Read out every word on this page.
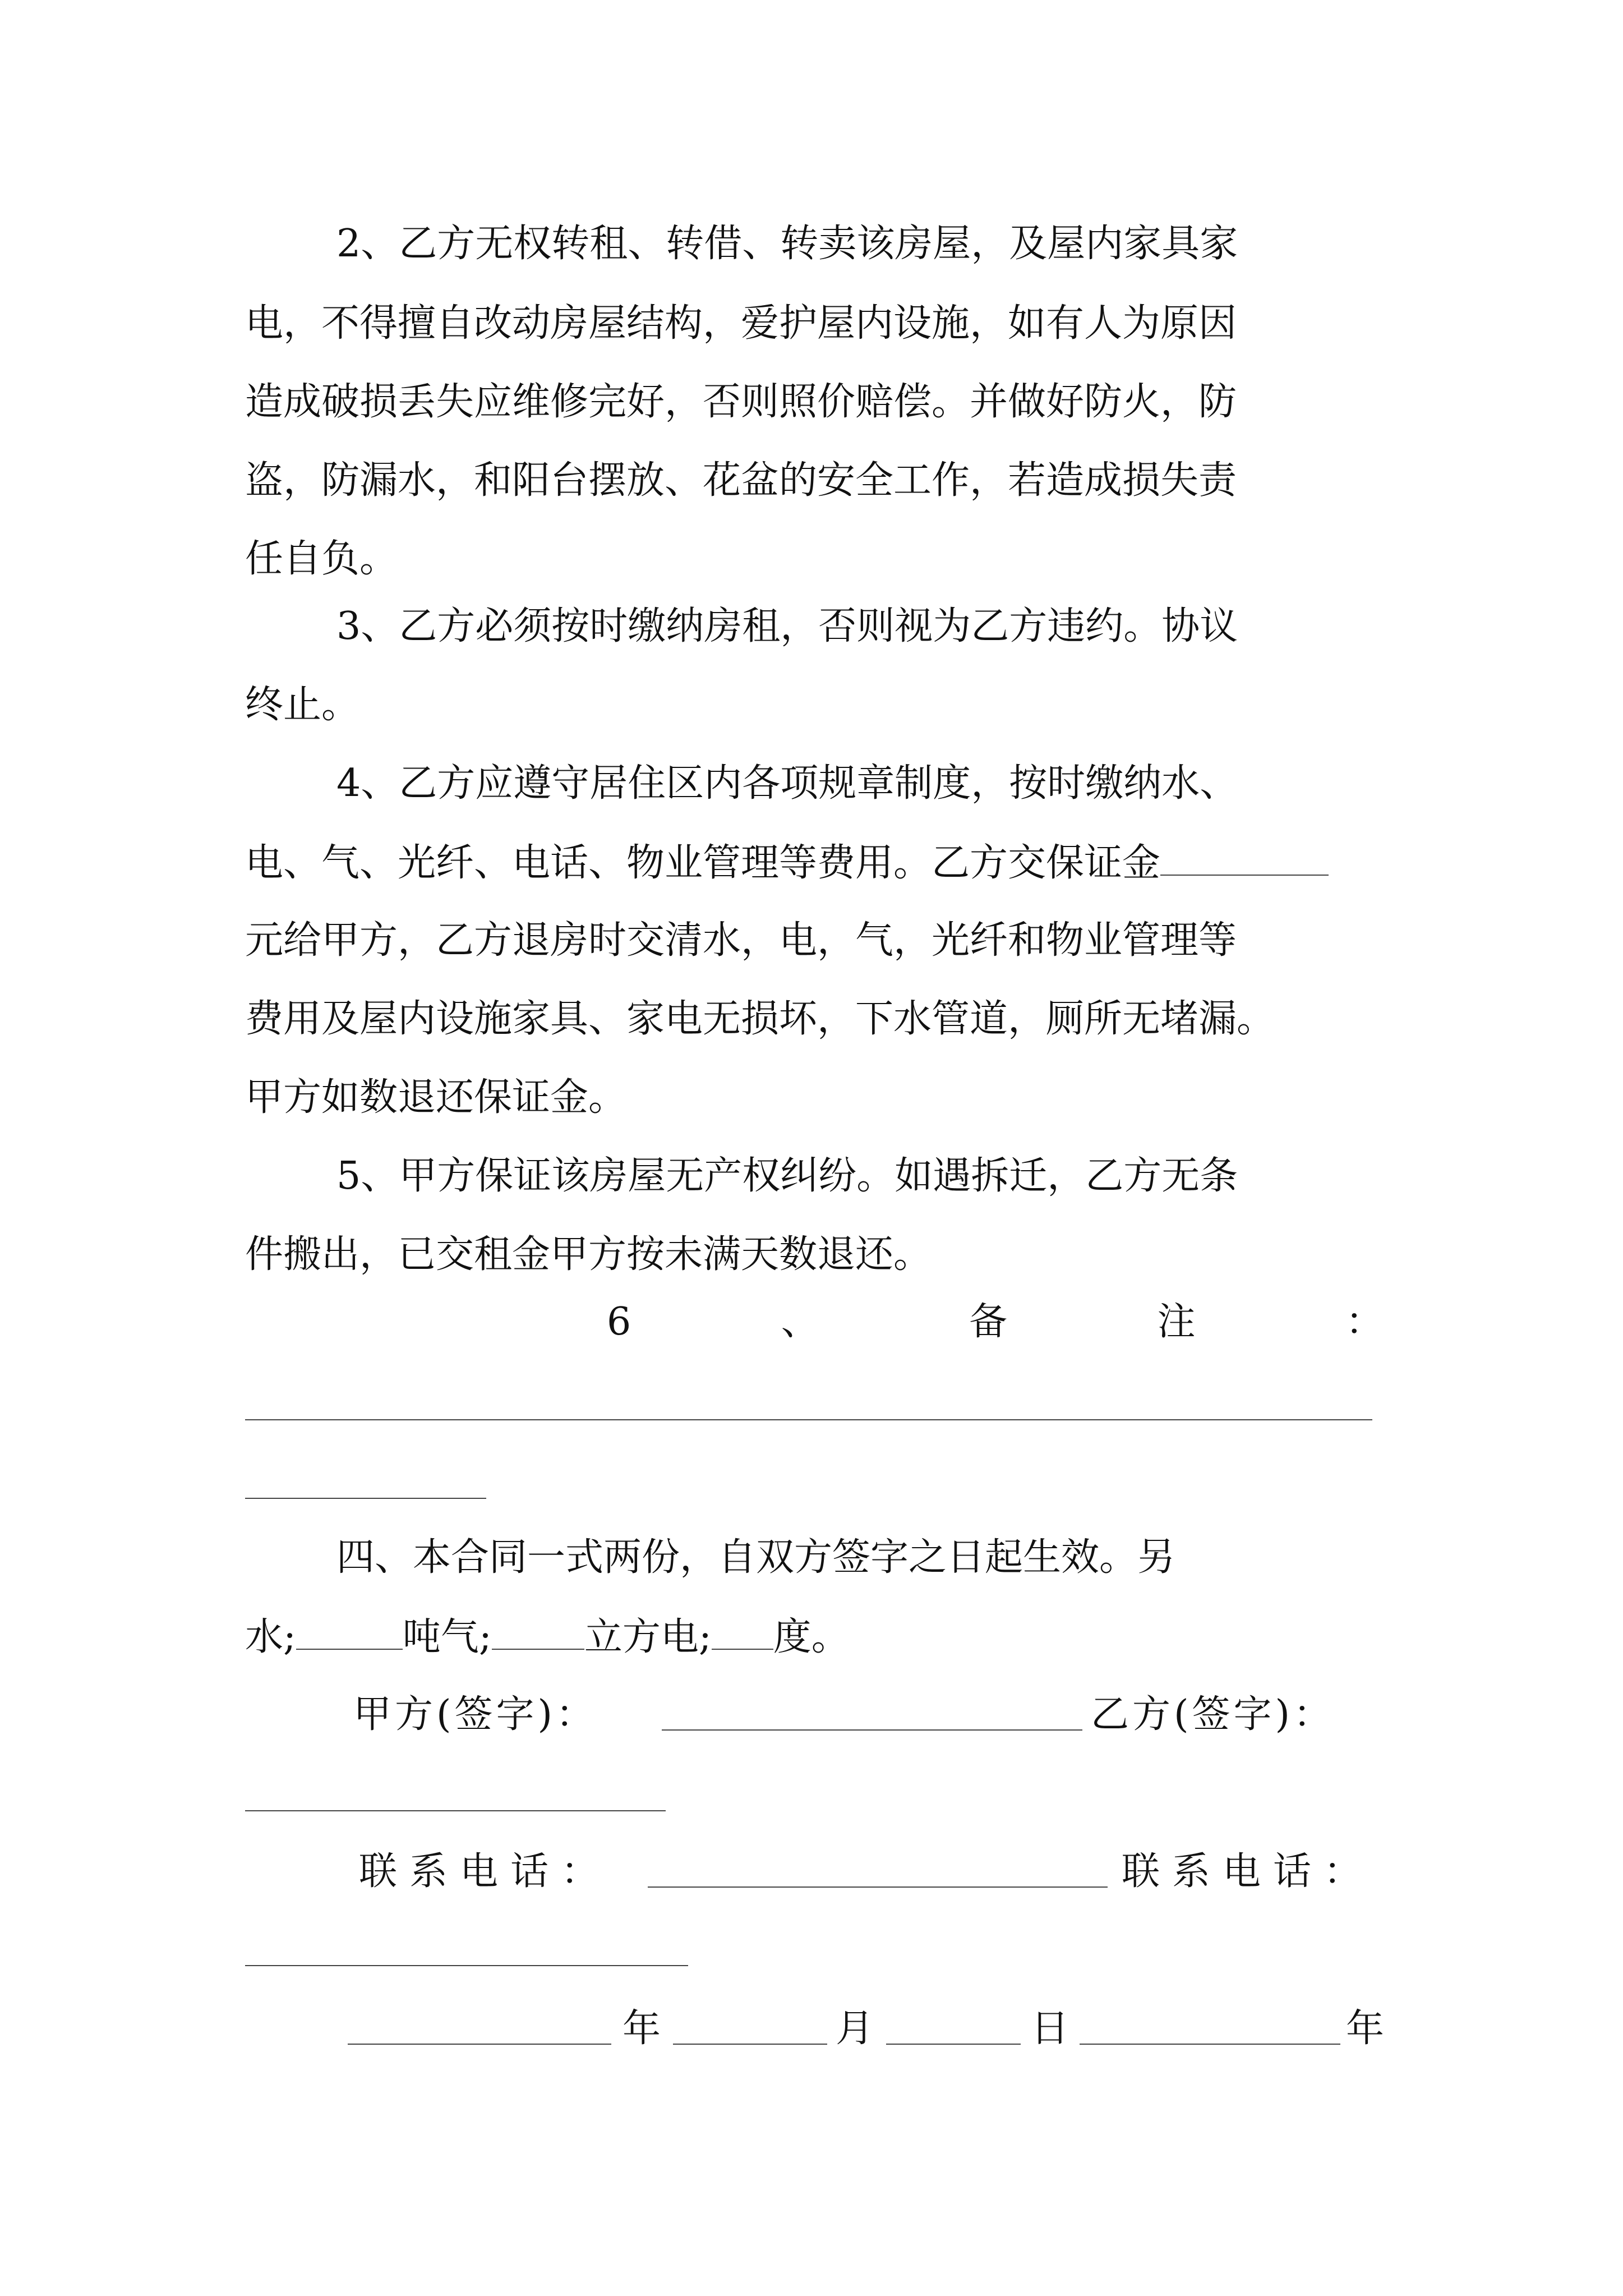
2、乙方无权转租、转借、转卖该房屋，及屋内家具家
电，不得擅自改动房屋结构，爱护屋内设施，如有人为原因
造成破损丢失应维修完好，否则照价赔偿。并做好防火，防
盗，防漏水，和阳台摆放、花盆的安全工作，若造成损失责
任自负。
3、乙方必须按时缴纳房租，否则视为乙方违约。协议
终止。
4、乙方应遵守居住区内各项规章制度，按时缴纳水、
电、气、光纤、电话、物业管理等费用。乙方交保证金
元给甲方，乙方退房时交清水，电，气，光纤和物业管理等
费用及屋内设施家具、家电无损坏，下水管道，厕所无堵漏。
甲方如数退还保证金。
5、甲方保证该房屋无产权纠纷。如遇拆迁，乙方无条
件搬出，已交租金甲方按未满天数退还。
6	、	备	注	：
四、本合同一式两份，自双方签字之日起生效。另
水;	吨气; 立方电; 度。
甲方(签字)：	乙方(签字)：
联系电话：	联系电话：
年	月	日	年
